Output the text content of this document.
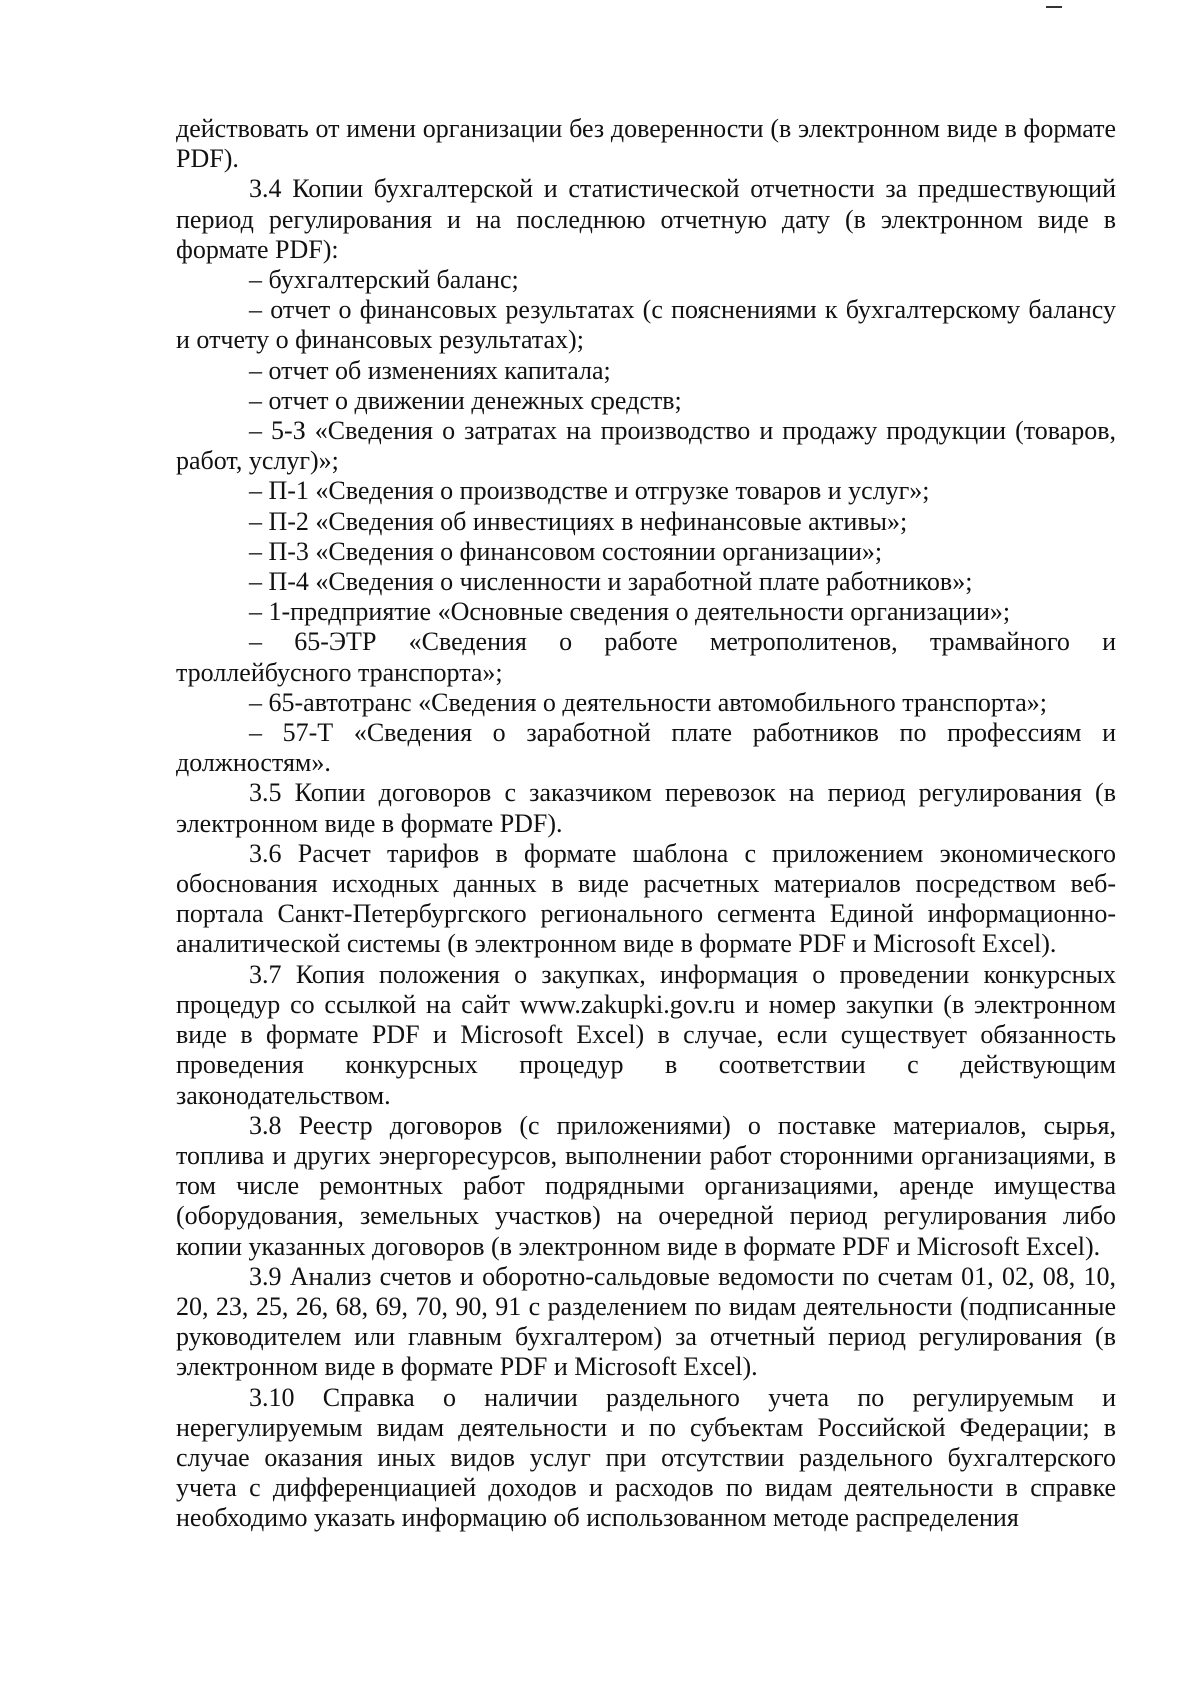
действовать от имени организации без доверенности (в электронном виде в формате PDF).

3.4 Копии бухгалтерской и статистической отчетности за предшествующий период регулирования и на последнюю отчетную дату (в электронном виде в формате PDF):

– бухгалтерский баланс;

– отчет о финансовых результатах (с пояснениями к бухгалтерскому балансу и отчету о финансовых результатах);

– отчет об изменениях капитала;

– отчет о движении денежных средств;

– 5-З «Сведения о затратах на производство и продажу продукции (товаров, работ, услуг)»;

– П-1 «Сведения о производстве и отгрузке товаров и услуг»;

– П-2 «Сведения об инвестициях в нефинансовые активы»;

– П-3 «Сведения о финансовом состоянии организации»;

– П-4 «Сведения о численности и заработной плате работников»;

– 1-предприятие «Основные сведения о деятельности организации»;

– 65-ЭТР «Сведения о работе метрополитенов, трамвайного и троллейбусного транспорта»;

– 65-автотранс «Сведения о деятельности автомобильного транспорта»;

– 57-Т «Сведения о заработной плате работников по профессиям и должностям».

3.5 Копии договоров с заказчиком перевозок на период регулирования (в электронном виде в формате PDF).

3.6 Расчет тарифов в формате шаблона с приложением экономического обоснования исходных данных в виде расчетных материалов посредством веб-портала Санкт-Петербургского регионального сегмента Единой информационно-аналитической системы (в электронном виде в формате PDF и Microsoft Excel).

3.7 Копия положения о закупках, информация о проведении конкурсных процедур со ссылкой на сайт www.zakupki.gov.ru и номер закупки (в электронном виде в формате PDF и Microsoft Excel) в случае, если существует обязанность проведения конкурсных процедур в соответствии с действующим законодательством.

3.8 Реестр договоров (с приложениями) о поставке материалов, сырья, топлива и других энергоресурсов, выполнении работ сторонними организациями, в том числе ремонтных работ подрядными организациями, аренде имущества (оборудования, земельных участков) на очередной период регулирования либо копии указанных договоров (в электронном виде в формате PDF и Microsoft Excel).

3.9 Анализ счетов и оборотно-сальдовые ведомости по счетам 01, 02, 08, 10, 20, 23, 25, 26, 68, 69, 70, 90, 91 с разделением по видам деятельности (подписанные руководителем или главным бухгалтером) за отчетный период регулирования (в электронном виде в формате PDF и Microsoft Excel).

3.10 Справка о наличии раздельного учета по регулируемым и нерегулируемым видам деятельности и по субъектам Российской Федерации; в случае оказания иных видов услуг при отсутствии раздельного бухгалтерского учета с дифференциацией доходов и расходов по видам деятельности в справке необходимо указать информацию об использованном методе распределения
